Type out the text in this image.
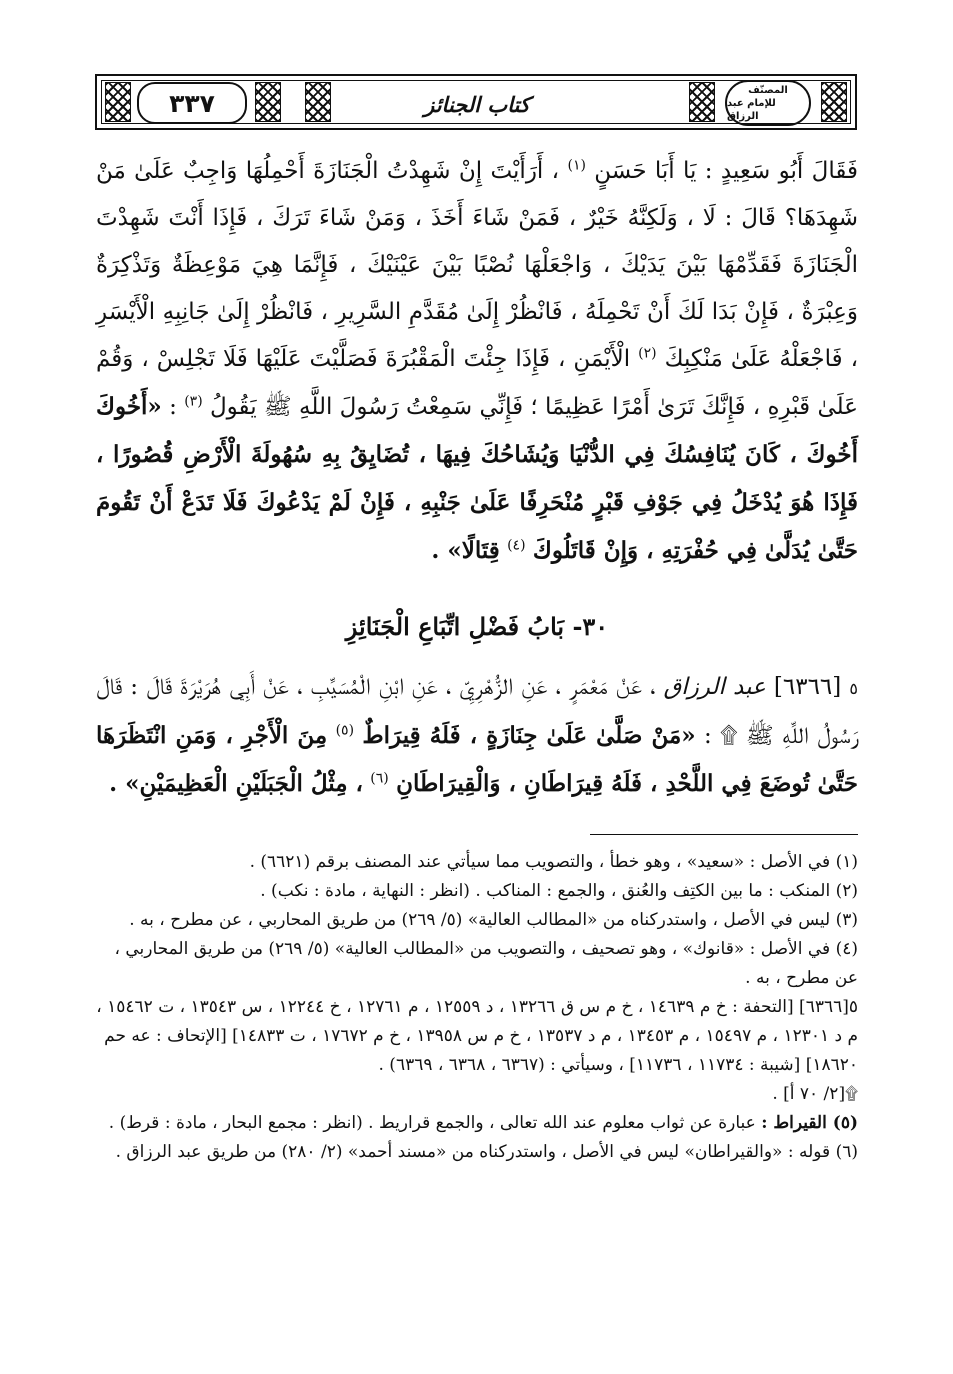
٣٣٧	كتاب الجنائز
المصنّف
للإمام عبد الرزاق

فَقَالَ أَبُو سَعِيدٍ : يَا أَبَا حَسَنٍ $^{(١)}$ ، أَرَأَيْتَ إِنْ شَهِدْتُ الْجَنَازَةَ أَحْمِلُهَا وَاجِبٌ عَلَىٰ مَنْ شَهِدَهَا؟ قَالَ : لَا ، وَلَكِنَّهُ خَيْرٌ ، فَمَنْ شَاءَ أَخَذَ ، وَمَنْ شَاءَ تَرَكَ ، فَإِذَا أَنْتَ شَهِدْتَ الْجَنَازَةَ فَقَدِّمْهَا بَيْنَ يَدَيْكَ ، وَاجْعَلْهَا نُصْبًا بَيْنَ عَيْنَيْكَ ، فَإِنَّمَا هِيَ مَوْعِظَةٌ وَتَذْكِرَةٌ وَعِبْرَةٌ ، فَإِنْ بَدَا لَكَ أَنْ تَحْمِلَهُ ، فَانْظُرْ إِلَىٰ مُقَدَّمِ السَّرِيرِ ، فَانْظُرْ إِلَىٰ جَانِبِهِ الْأَيْسَرِ ، فَاجْعَلْهُ عَلَىٰ مَنْكِبِكَ $^{(٢)}$ الْأَيْمَنِ ، فَإِذَا جِئْتَ الْمَقْبُرَةَ فَصَلَّيْتَ عَلَيْهَا فَلَا تَجْلِسْ ، وَقُمْ عَلَىٰ قَبْرِهِ ، فَإِنَّكَ تَرَىٰ أَمْرًا عَظِيمًا ؛ فَإِنِّي سَمِعْتُ رَسُولَ اللَّهِ ﷺ يَقُولُ $^{(٣)}$ : «أَخُوكَ أَخُوكَ ، كَانَ يُنَافِسُكَ فِي الدُّنْيَا وَيُشَاحُكَ فِيهَا ، تُضَايِقُ بِهِ سُهُولَةَ الْأَرْضِ قُصُورًا ، فَإِذَا هُوَ يُدْخَلُ فِي جَوْفِ قَبْرٍ مُنْحَرِفًا عَلَىٰ جَنْبِهِ ، فَإِنْ لَمْ يَدْعُوكَ فَلَا تَدَعْ أَنْ تَقُومَ حَتَّىٰ يُدَلَّىٰ فِي حُفْرَتِهِ ، وَإِنْ قَاتَلُوكَ $^{(٤)}$ قِتَالًا» .

٣٠- بَابُ فَضْلِ اتِّبَاعِ الْجَنَائِزِ

٥ [٦٣٦٦] عبد الرزاق ، عَنْ مَعْمَرٍ ، عَنِ الزُّهْرِيِّ ، عَنِ ابْنِ الْمُسَيَّبِ ، عَنْ أَبِي هُرَيْرَةَ قَالَ : قَالَ رَسُولُ اللَّهِ ﷺ ۩ : «مَنْ صَلَّىٰ عَلَىٰ جِنَازَةٍ ، فَلَهُ قِيرَاطٌ $^{(٥)}$ مِنَ الْأَجْرِ ، وَمَنِ انْتَظَرَهَا حَتَّىٰ تُوضَعَ فِي اللَّحْدِ ، فَلَهُ قِيرَاطَانِ ، وَالْقِيرَاطَانِ $^{(٦)}$ ، مِثْلُ الْجَبَلَيْنِ الْعَظِيمَيْنِ» .

(١) في الأصل : «سعيد» ، وهو خطأ ، والتصويب مما سيأتي عند المصنف برقم (٦٦٢١) .

(٢) المنكب : ما بين الكتِف والعُنق ، والجمع : المناكب . (انظر : النهاية ، مادة : نكب) .

(٣) ليس في الأصل ، واستدركناه من «المطالب العالية» (٥/ ٢٦٩) من طريق المحاربي ، عن مطرح ، به .

(٤) في الأصل : «قانوك» ، وهو تصحيف ، والتصويب من «المطالب العالية» (٥/ ٢٦٩) من طريق المحاربي ، عن مطرح ، به .

٥[٦٣٦٦] [التحفة : خ م ١٤٦٣٩ ، خ م س ق ١٣٢٦٦ ، د ١٢٥٥٩ ، م ١٢٧٦١ ، خ ١٢٢٤٤ ، س ١٣٥٤٣ ، ت ١٥٤٦٢ ، م د ١٢٣٠١ ، م ١٥٤٩٧ ، م ١٣٤٥٣ ، م د ١٣٥٣٧ ، خ م س ١٣٩٥٨ ، خ م ١٧٦٧٢ ، ت ١٤٨٣٣] [الإتحاف : عه حم ١٨٦٢٠] [شيبة : ١١٧٣٤ ، ١١٧٣٦] ، وسيأتي : (٦٣٦٧ ، ٦٣٦٨ ، ٦٣٦٩) .

۩[٢/ ٧٠ أ] .

(٥) القيراط : عبارة عن ثواب معلوم عند الله تعالى ، والجمع قراريط . (انظر : مجمع البحار ، مادة : قرط) .

(٦) قوله : «والقيراطان» ليس في الأصل ، واستدركناه من «مسند أحمد» (٢/ ٢٨٠) من طريق عبد الرزاق .
